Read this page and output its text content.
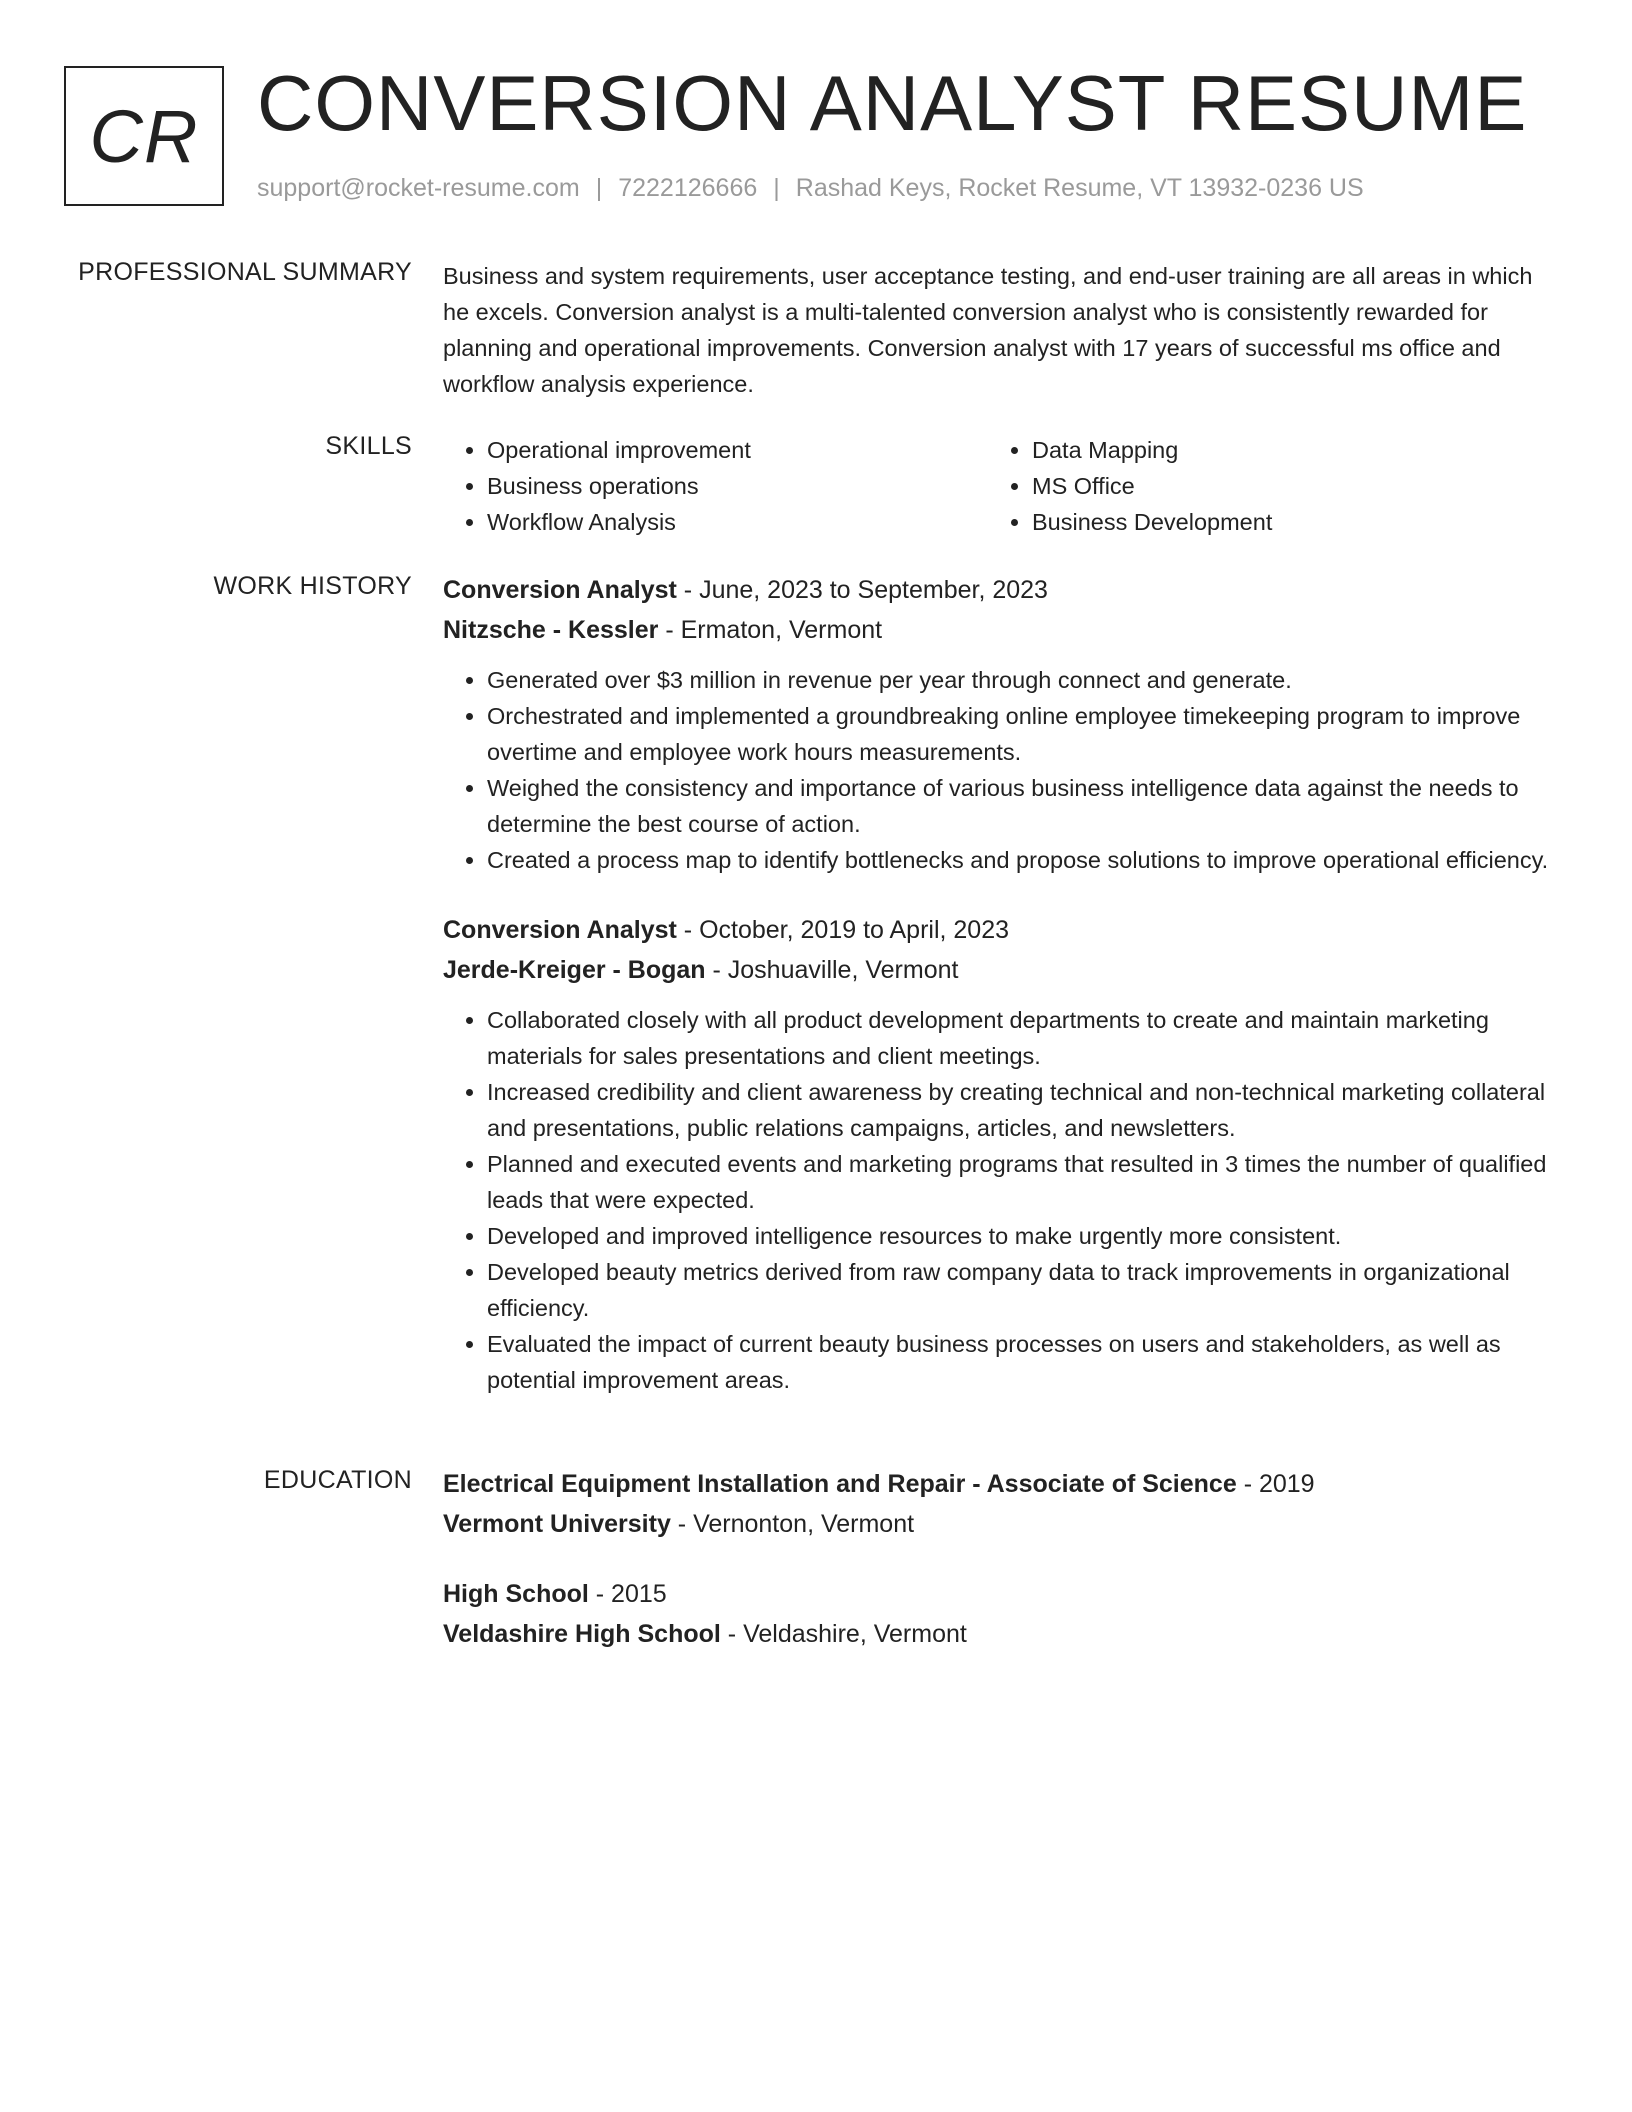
CR CONVERSION ANALYST RESUME
support@rocket-resume.com | 7222126666 | Rashad Keys, Rocket Resume, VT 13932-0236 US
PROFESSIONAL SUMMARY Business and system requirements, user acceptance testing, and end-user training are all areas in which he excels. Conversion analyst is a multi-talented conversion analyst who is consistently rewarded for planning and operational improvements. Conversion analyst with 17 years of successful ms office and workflow analysis experience.

SKILLS
•	Operational improvement
• Business operations
• Workflow Analysis
• Data Mapping
• MS Office
• Business Development
WORK HISTORY Conversion Analyst - June, 2023 to September, 2023
Nitzsche - Kessler - Ermaton, Vermont
• Generated over $3 million in revenue per year through connect and generate.
• Orchestrated and implemented a groundbreaking online employee timekeeping program to improve overtime and employee work hours measurements.
• Weighed the consistency and importance of various business intelligence data against the needs to determine the best course of action.
• Created a process map to identify bottlenecks and propose solutions to improve operational efficiency.
Conversion Analyst - October, 2019 to April, 2023
Jerde-Kreiger - Bogan - Joshuaville, Vermont
• Collaborated closely with all product development departments to create and maintain marketing materials for sales presentations and client meetings.
• Increased credibility and client awareness by creating technical and non-technical marketing collateral and presentations, public relations campaigns, articles, and newsletters.
• Planned and executed events and marketing programs that resulted in 3 times the number of qualified leads that were expected.
• Developed and improved intelligence resources to make urgently more consistent.
• Developed beauty metrics derived from raw company data to track improvements in organizational efficiency.
• Evaluated the impact of current beauty business processes on users and stakeholders, as well as potential improvement areas.
EDUCATION Electrical Equipment Installation and Repair - Associate of Science - 2019
Vermont University - Vernonton, Vermont
High School - 2015
Veldashire High School - Veldashire, Vermont
